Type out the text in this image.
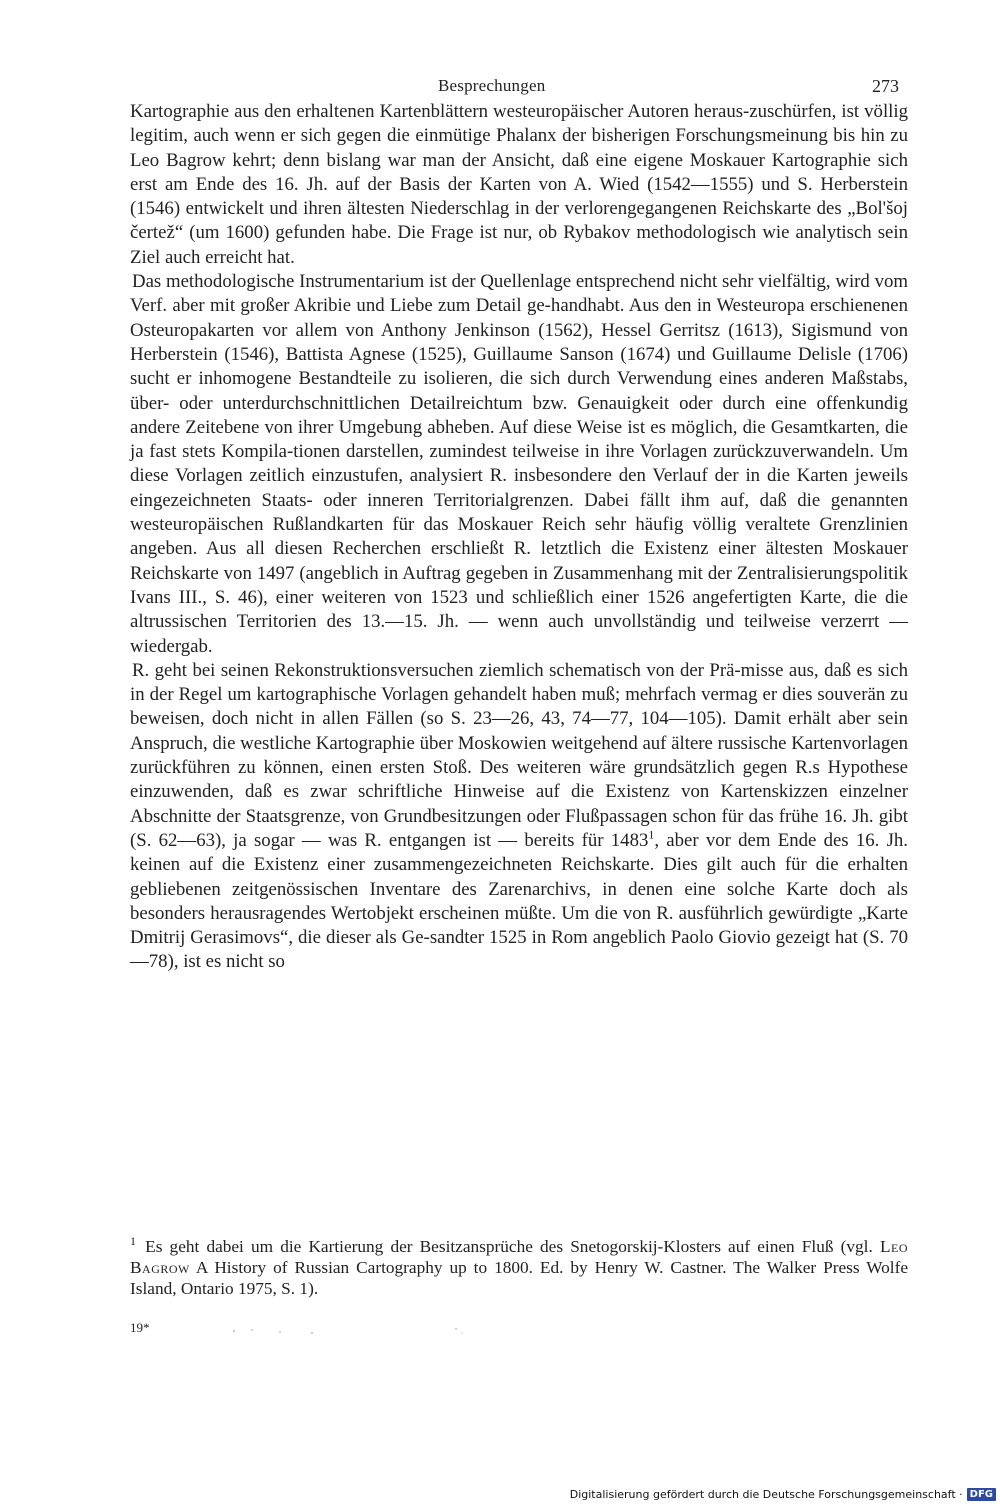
Besprechungen	273

Kartographie aus den erhaltenen Kartenblättern westeuropäischer Autoren heraus-zuschürfen, ist völlig legitim, auch wenn er sich gegen die einmütige Phalanx der bisherigen Forschungsmeinung bis hin zu Leo Bagrow kehrt; denn bislang war man der Ansicht, daß eine eigene Moskauer Kartographie sich erst am Ende des 16. Jh. auf der Basis der Karten von A. Wied (1542—1555) und S. Herberstein (1546) entwickelt und ihren ältesten Niederschlag in der verlorengegangenen Reichskarte des „Bol'šoj čertež“ (um 1600) gefunden habe. Die Frage ist nur, ob Rybakov methodologisch wie analytisch sein Ziel auch erreicht hat.

Das methodologische Instrumentarium ist der Quellenlage entsprechend nicht sehr vielfältig, wird vom Verf. aber mit großer Akribie und Liebe zum Detail ge-handhabt. Aus den in Westeuropa erschienenen Osteuropakarten vor allem von Anthony Jenkinson (1562), Hessel Gerritsz (1613), Sigismund von Herberstein (1546), Battista Agnese (1525), Guillaume Sanson (1674) und Guillaume Delisle (1706) sucht er inhomogene Bestandteile zu isolieren, die sich durch Verwendung eines anderen Maßstabs, über- oder unterdurchschnittlichen Detailreichtum bzw. Genauigkeit oder durch eine offenkundig andere Zeitebene von ihrer Umgebung abheben. Auf diese Weise ist es möglich, die Gesamtkarten, die ja fast stets Kompila-tionen darstellen, zumindest teilweise in ihre Vorlagen zurückzuverwandeln. Um diese Vorlagen zeitlich einzustufen, analysiert R. insbesondere den Verlauf der in die Karten jeweils eingezeichneten Staats- oder inneren Territorialgrenzen. Dabei fällt ihm auf, daß die genannten westeuropäischen Rußlandkarten für das Moskauer Reich sehr häufig völlig veraltete Grenzlinien angeben. Aus all diesen Recherchen erschließt R. letztlich die Existenz einer ältesten Moskauer Reichskarte von 1497 (angeblich in Auftrag gegeben in Zusammenhang mit der Zentralisierungspolitik Ivans III., S. 46), einer weiteren von 1523 und schließlich einer 1526 angefertigten Karte, die die altrussischen Territorien des 13.—15. Jh. — wenn auch unvollständig und teilweise verzerrt — wiedergab.

R. geht bei seinen Rekonstruktionsversuchen ziemlich schematisch von der Prä-misse aus, daß es sich in der Regel um kartographische Vorlagen gehandelt haben muß; mehrfach vermag er dies souverän zu beweisen, doch nicht in allen Fällen (so S. 23—26, 43, 74—77, 104—105). Damit erhält aber sein Anspruch, die westliche Kartographie über Moskowien weitgehend auf ältere russische Kartenvorlagen zurückführen zu können, einen ersten Stoß. Des weiteren wäre grundsätzlich gegen R.s Hypothese einzuwenden, daß es zwar schriftliche Hinweise auf die Existenz von Kartenskizzen einzelner Abschnitte der Staatsgrenze, von Grundbesitzungen oder Flußpassagen schon für das frühe 16. Jh. gibt (S. 62—63), ja sogar — was R. entgangen ist — bereits für 1483$^1$, aber vor dem Ende des 16. Jh. keinen auf die Existenz einer zusammengezeichneten Reichskarte. Dies gilt auch für die erhalten gebliebenen zeitgenössischen Inventare des Zarenarchivs, in denen eine solche Karte doch als besonders herausragendes Wertobjekt erscheinen müßte. Um die von R. ausführlich gewürdigte „Karte Dmitrij Gerasimovs“, die dieser als Ge-sandter 1525 in Rom angeblich Paolo Giovio gezeigt hat (S. 70—78), ist es nicht so

$^1$ Es geht dabei um die Kartierung der Besitzansprüche des Snetogorskij-Klosters auf einen Fluß (vgl. Leo Bagrow A History of Russian Cartography up to 1800. Ed. by Henry W. Castner. The Walker Press Wolfe Island, Ontario 1975, S. 1).
19*
Digitalisierung gefördert durch die Deutsche Forschungsgemeinschaft · DFG
